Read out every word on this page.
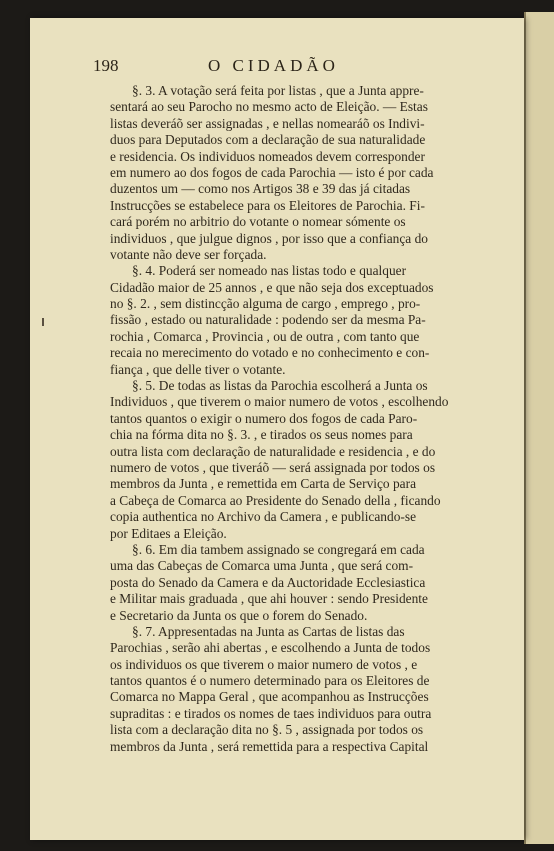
198	O CIDADÃO
§. 3. A votação será feita por listas , que a Junta appre-
sentará ao seu Parocho no mesmo acto de Eleição. — Estas
listas deveráõ ser assignadas , e nellas nomearáõ os Indivi-
duos para Deputados com a declaração de sua naturalidade
e residencia. Os individuos nomeados devem corresponder
em numero ao dos fogos de cada Parochia — isto é por cada
duzentos um — como nos Artigos 38 e 39 das já citadas
Instrucções se estabelece para os Eleitores de Parochia. Fi-
cará porém no arbitrio do votante o nomear sómente os
individuos , que julgue dignos , por isso que a confiança do
votante não deve ser forçada.
§. 4. Poderá ser nomeado nas listas todo e qualquer
Cidadão maior de 25 annos , e que não seja dos exceptuados
no §. 2. , sem distincção alguma de cargo , emprego , pro-
fissão , estado ou naturalidade : podendo ser da mesma Pa-
rochia , Comarca , Provincia , ou de outra , com tanto que
recaia no merecimento do votado e no conhecimento e con-
fiança , que delle tiver o votante.
§. 5. De todas as listas da Parochia escolherá a Junta os
Individuos , que tiverem o maior numero de votos , escolhendo
tantos quantos o exigir o numero dos fogos de cada Paro-
chia na fórma dita no §. 3. , e tirados os seus nomes para
outra lista com declaração de naturalidade e residencia , e do
numero de votos , que tiveráõ — será assignada por todos os
membros da Junta , e remettida em Carta de Serviço para
a Cabeça de Comarca ao Presidente do Senado della , ficando
copia authentica no Archivo da Camera , e publicando-se
por Editaes a Eleição.
§. 6. Em dia tambem assignado se congregará em cada
uma das Cabeças de Comarca uma Junta , que será com-
posta do Senado da Camera e da Auctoridade Ecclesiastica
e Militar mais graduada , que ahi houver : sendo Presidente
e Secretario da Junta os que o forem do Senado.
§. 7. Appresentadas na Junta as Cartas de listas das
Parochias , serão ahi abertas , e escolhendo a Junta de todos
os individuos os que tiverem o maior numero de votos , e
tantos quantos é o numero determinado para os Eleitores de
Comarca no Mappa Geral , que acompanhou as Instrucções
supraditas : e tirados os nomes de taes individuos para outra
lista com a declaração dita no §. 5 , assignada por todos os
membros da Junta , será remettida para a respectiva Capital
